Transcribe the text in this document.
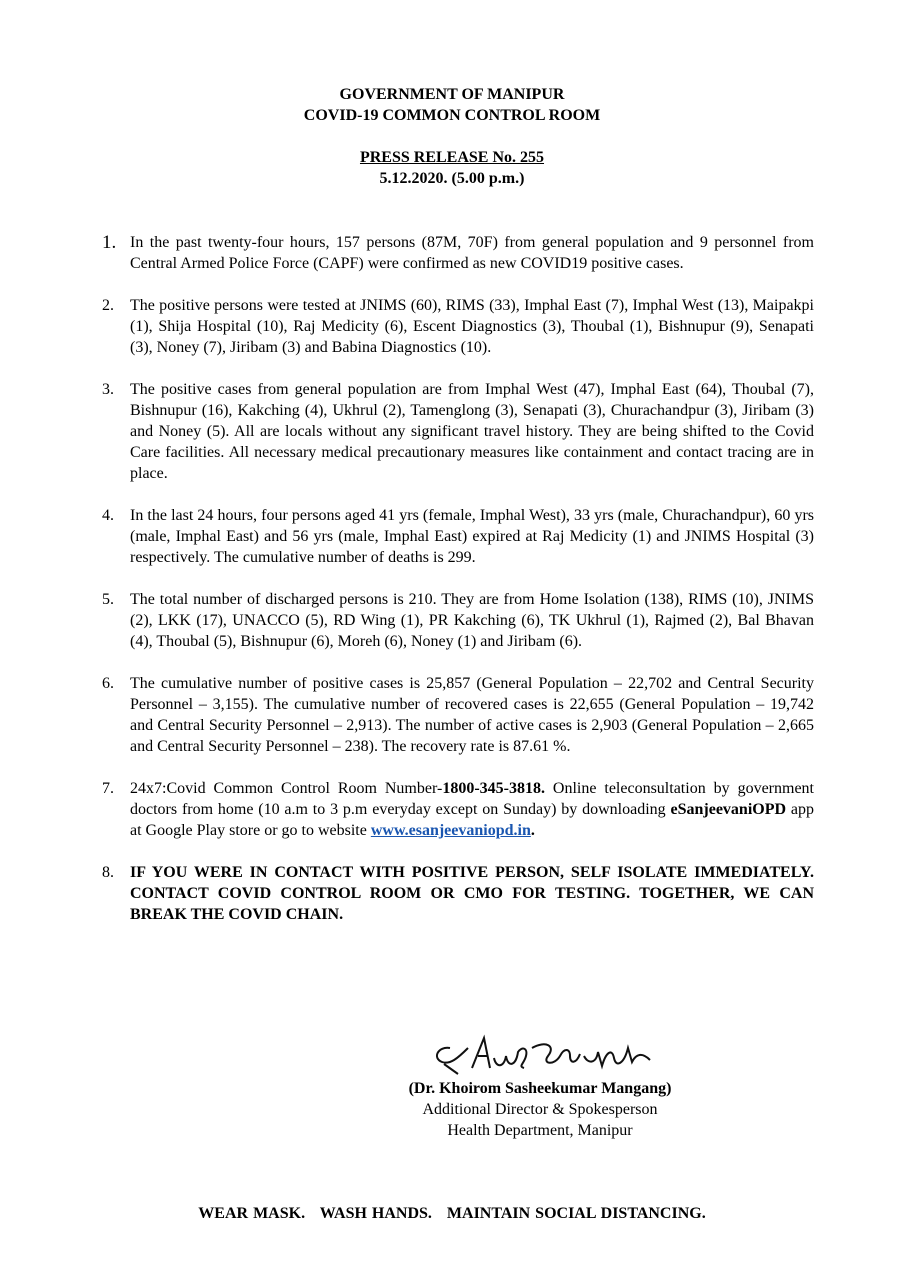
GOVERNMENT OF MANIPUR
COVID-19 COMMON CONTROL ROOM
PRESS RELEASE No. 255
5.12.2020. (5.00 p.m.)
1. In the past twenty-four hours, 157 persons (87M, 70F) from general population and 9 personnel from Central Armed Police Force (CAPF) were confirmed as new COVID19 positive cases.
2.	The positive persons were tested at JNIMS (60), RIMS (33), Imphal East (7), Imphal West (13), Maipakpi (1), Shija Hospital (10), Raj Medicity (6), Escent Diagnostics (3), Thoubal (1), Bishnupur (9), Senapati (3), Noney (7), Jiribam (3) and Babina Diagnostics (10).
3.	The positive cases from general population are from Imphal West (47), Imphal East (64), Thoubal (7), Bishnupur (16), Kakching (4), Ukhrul (2), Tamenglong (3), Senapati (3), Churachandpur (3), Jiribam (3) and Noney (5). All are locals without any significant travel history. They are being shifted to the Covid Care facilities. All necessary medical precautionary measures like containment and contact tracing are in place.
4.	In the last 24 hours, four persons aged 41 yrs (female, Imphal West), 33 yrs (male, Churachandpur), 60 yrs (male, Imphal East) and 56 yrs (male, Imphal East) expired at Raj Medicity (1) and JNIMS Hospital (3) respectively. The cumulative number of deaths is 299.
5.	The total number of discharged persons is 210. They are from Home Isolation (138), RIMS (10), JNIMS (2), LKK (17), UNACCO (5), RD Wing (1), PR Kakching (6), TK Ukhrul (1), Rajmed (2), Bal Bhavan (4), Thoubal (5), Bishnupur (6), Moreh (6), Noney (1) and Jiribam (6).
6.	The cumulative number of positive cases is 25,857 (General Population – 22,702 and Central Security Personnel – 3,155). The cumulative number of recovered cases is 22,655 (General Population – 19,742 and Central Security Personnel – 2,913). The number of active cases is 2,903 (General Population – 2,665 and Central Security Personnel – 238). The recovery rate is 87.61 %.
7.	24x7:Covid Common Control Room Number-1800-345-3818. Online teleconsultation by government doctors from home (10 a.m to 3 p.m everyday except on Sunday) by downloading eSanjeevaniOPD app at Google Play store or go to website www.esanjeevaniopd.in.
8.	IF YOU WERE IN CONTACT WITH POSITIVE PERSON, SELF ISOLATE IMMEDIATELY. CONTACT COVID CONTROL ROOM OR CMO FOR TESTING. TOGETHER, WE CAN BREAK THE COVID CHAIN.
(Dr. Khoirom Sasheekumar Mangang)
Additional Director & Spokesperson
Health Department, Manipur
WEAR MASK.   WASH HANDS.   MAINTAIN SOCIAL DISTANCING.
